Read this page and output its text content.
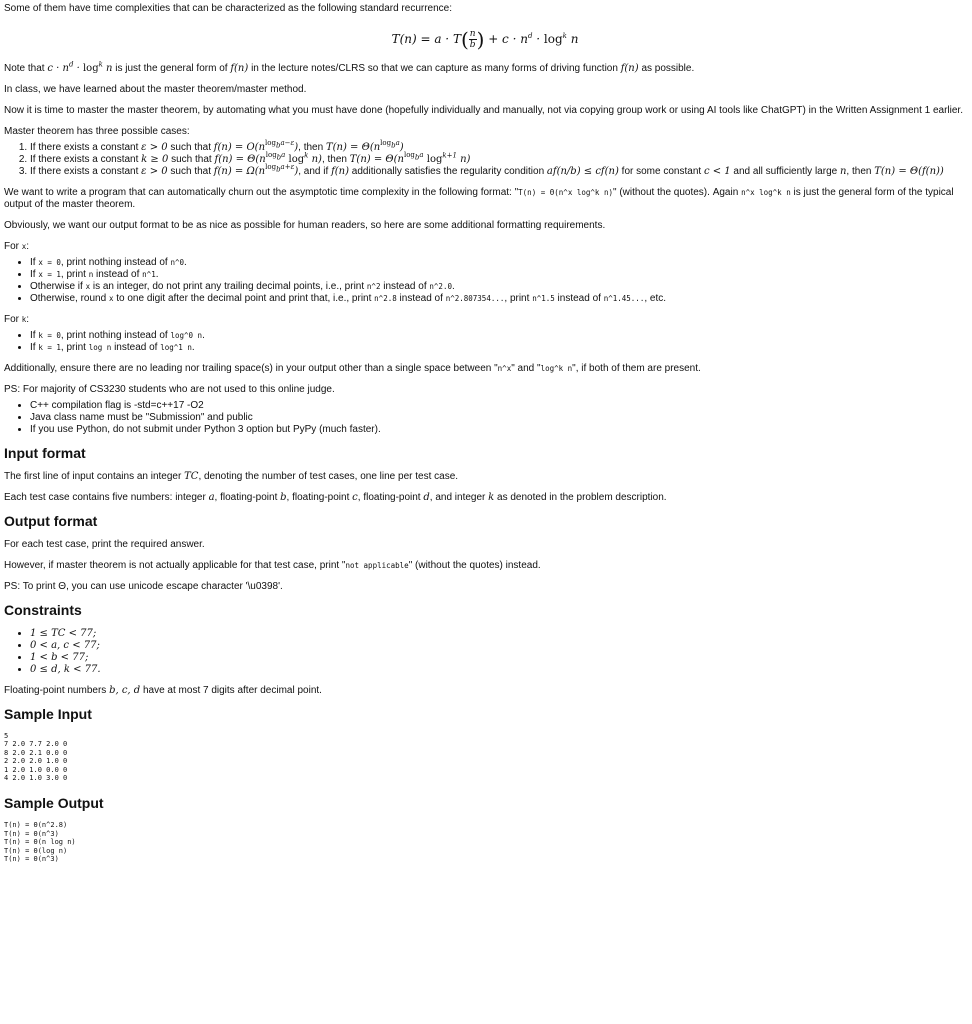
Some of them have time complexities that can be characterized as the following standard recurrence:

$T(n) = a \cdot T( \frac{n}{b}$ ) + $c \cdot n^d \cdot \log^k n$

Note that $c \cdot n^d \cdot \log^k n$ is just the general form of f(n) in the lecture notes/CLRS so that we can capture as many forms of driving function f(n) as possible.

In class, we have learned about the master theorem/master method.

Now it is time to master the master theorem, by automating what you must have done (hopefully individually and manually, not via copying group work or using AI tools like ChatGPT) in the Written Assignment 1 earlier.

Master theorem has three possible cases:

1. If there exists a constant ε > 0 such that $f(n) = O(n^{log_ba-\varepsilon})$, then $T(n) = \Theta(n^{log_ba})$
2. If there exists a constant k ≥ 0 such that $f(n) = \Theta(n^{log_ba}$ $\log^k n$), then $T(n) = \Theta(n^{log_ba}$ $\log^{k+1} n$)
3. If there exists a constant ε > 0 such that $f(n) = \Omega(n^{log_ba+\varepsilon})$, and if f(n) additionally satisfies the regularity condition af(n/b) ≤ cf(n) for some constant c < 1 and all sufficiently large n, then T(n) = Θ(f(n))

We want to write a program that can automatically churn out the asymptotic time complexity in the following format: "T(n) = Θ(n^x log^k n)" (without the quotes). Again n^x log^k n is just the general form of the typical output of the master theorem.

Obviously, we want our output format to be as nice as possible for human readers, so here are some additional formatting requirements.

For x:

• If x = 0, print nothing instead of n^0.
• If x = 1, print n instead of n^1.
• Otherwise if x is an integer, do not print any trailing decimal points, i.e., print n^2 instead of n^2.0.
• Otherwise, round x to one digit after the decimal point and print that, i.e., print n^2.8 instead of n^2.807354..., print n^1.5 instead of n^1.45..., etc.

For k:

• If k = 0, print nothing instead of log^0 n.
• If k = 1, print log n instead of log^1 n.

Additionally, ensure there are no leading nor trailing space(s) in your output other than a single space between "n^x" and "log^k n", if both of them are present.

PS: For majority of CS3230 students who are not used to this online judge.

• C++ compilation flag is -std=c++17 -O2
• Java class name must be "Submission" and public
• If you use Python, do not submit under Python 3 option but PyPy (much faster).
Input format

The first line of input contains an integer TC, denoting the number of test cases, one line per test case.

Each test case contains five numbers: integer a, floating-point b, floating-point c, floating-point d, and integer k as denoted in the problem description.

Output format

For each test case, print the required answer.

However, if master theorem is not actually applicable for that test case, print "not applicable" (without the quotes) instead.

PS: To print Θ, you can use unicode escape character '\u0398'.

Constraints
• 1 ≤ TC < 77;
• 0 < a, c < 77;
• 1 < b < 77;
• 0 ≤ d, k < 77.

Floating-point numbers b, c, d have at most 7 digits after decimal point.

Sample Input
5
7 2.0 7.7 2.0 0
8 2.0 2.1 0.0 0
2 2.0 2.0 1.0 0
1 2.0 1.0 0.0 0
4 2.0 1.0 3.0 0
Sample Output
T(n) = Θ(n^2.8)
T(n) = Θ(n^3)
T(n) = Θ(n log n)
T(n) = Θ(log n)
T(n) = Θ(n^3)
